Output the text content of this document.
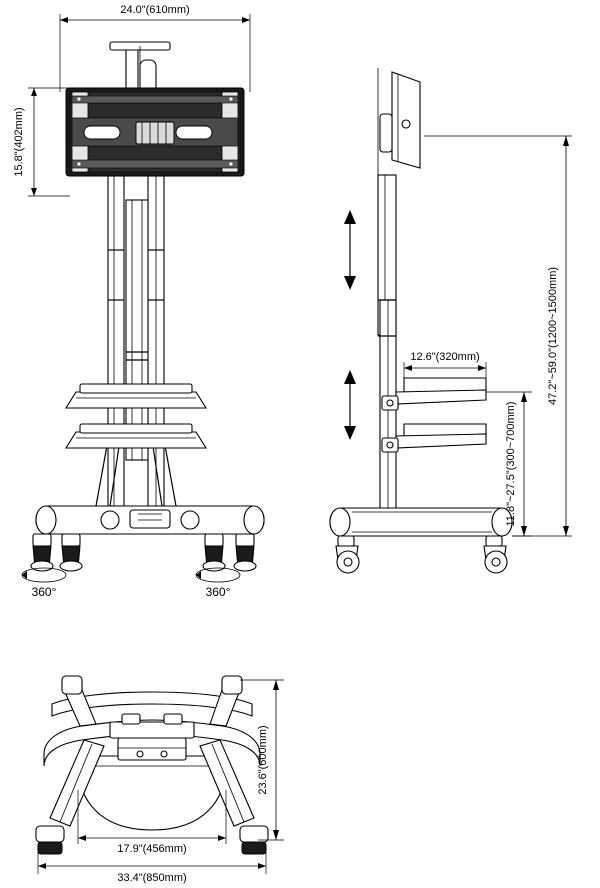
24.0"(610mm)
15.8"(402mm)
360°	360°
12.6"(320mm)	47.2"~59.0"(1200~1500mm)
11.8"~27.5"(300~700mm)
23.6"(600mm)
17.9"(456mm)
33.4"(850mm)
